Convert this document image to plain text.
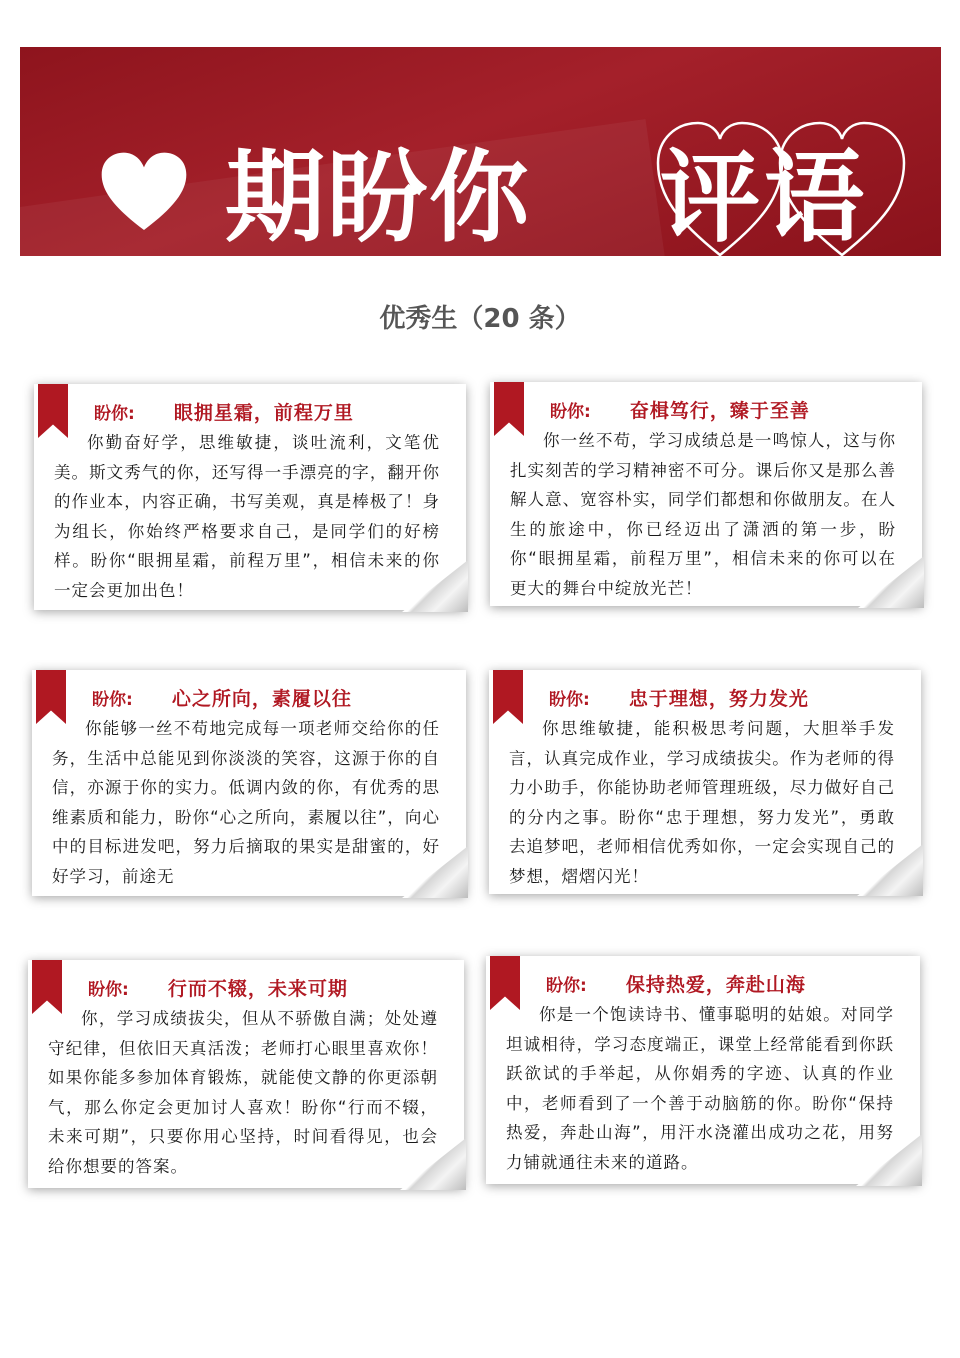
期盼你 评语
优秀生（20 条）
盼你: 眼拥星霜，前程万里
你勤奋好学，思维敏捷，谈吐流利，文笔优美。斯文秀气的你，还写得一手漂亮的字，翻开你的作业本，内容正确，书写美观，真是棒极了！身为组长，你始终严格要求自己，是同学们的好榜样。盼你“眼拥星霜，前程万里”，相信未来的你一定会更加出色！
盼你: 奋楫笃行，臻于至善
你一丝不苟，学习成绩总是一鸣惊人，这与你扎实刻苦的学习精神密不可分。课后你又是那么善解人意、宽容朴实，同学们都想和你做朋友。在人生的旅途中，你已经迈出了潇洒的第一步，盼你“眼拥星霜，前程万里”，相信未来的你可以在更大的舞台中绽放光芒！
盼你: 心之所向，素履以往
你能够一丝不苟地完成每一项老师交给你的任务，生活中总能见到你淡淡的笑容，这源于你的自信，亦源于你的实力。低调内敛的你，有优秀的思维素质和能力，盼你“心之所向，素履以往”，向心中的目标进发吧，努力后摘取的果实是甜蜜的，好好学习，前途无
盼你: 忠于理想，努力发光
你思维敏捷，能积极思考问题，大胆举手发言，认真完成作业，学习成绩拔尖。作为老师的得力小助手，你能协助老师管理班级，尽力做好自己的分内之事。盼你“忠于理想，努力发光”，勇敢去追梦吧，老师相信优秀如你，一定会实现自己的梦想，熠熠闪光！
盼你: 行而不辍，未来可期
你，学习成绩拔尖，但从不骄傲自满；处处遵守纪律，但依旧天真活泼；老师打心眼里喜欢你！如果你能多参加体育锻炼，就能使文静的你更添朝气，那么你定会更加讨人喜欢！盼你“行而不辍，未来可期”，只要你用心坚持，时间看得见，也会给你想要的答案。
盼你: 保持热爱，奔赴山海
你是一个饱读诗书、懂事聪明的姑娘。对同学坦诚相待，学习态度端正，课堂上经常能看到你跃跃欲试的手举起，从你娟秀的字迹、认真的作业中，老师看到了一个善于动脑筋的你。盼你“保持热爱，奔赴山海”，用汗水浇灌出成功之花，用努力铺就通往未来的道路。
